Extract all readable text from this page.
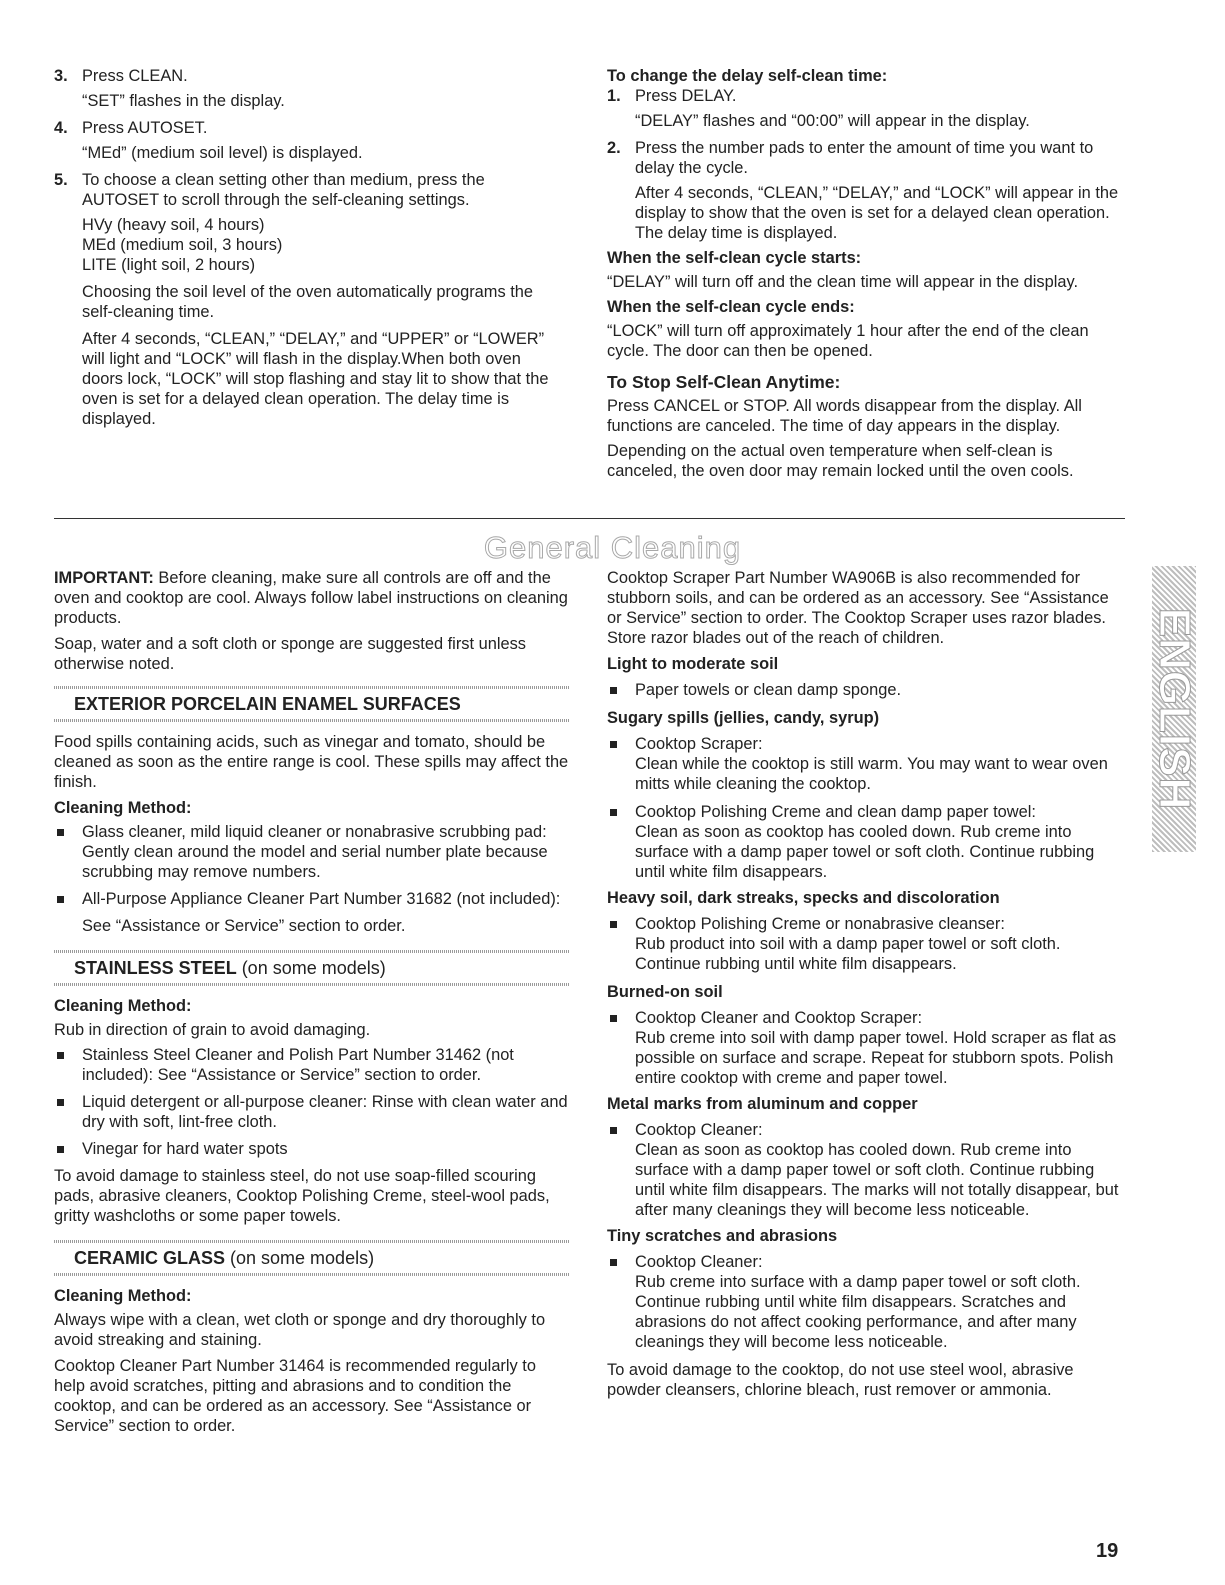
3. Press CLEAN.

“SET” flashes in the display.

4. Press AUTOSET.

“MEd” (medium soil level) is displayed.

5. To choose a clean setting other than medium, press the AUTOSET to scroll through the self-cleaning settings.

HVy (heavy soil, 4 hours)

MEd (medium soil, 3 hours)

LITE (light soil, 2 hours)

Choosing the soil level of the oven automatically programs the self-cleaning time.

After 4 seconds, “CLEAN,” “DELAY,” and “UPPER” or “LOWER” will light and “LOCK” will flash in the display.When both oven doors lock, “LOCK” will stop flashing and stay lit to show that the oven is set for a delayed clean operation. The delay time is displayed.

To change the delay self-clean time:

1. Press DELAY.

“DELAY” flashes and “00:00” will appear in the display.

2. Press the number pads to enter the amount of time you want to delay the cycle.

After 4 seconds, “CLEAN,” “DELAY,” and “LOCK” will appear in the display to show that the oven is set for a delayed clean operation. The delay time is displayed.

When the self-clean cycle starts:

“DELAY” will turn off and the clean time will appear in the display.

When the self-clean cycle ends:

“LOCK” will turn off approximately 1 hour after the end of the clean cycle. The door can then be opened.

To Stop Self-Clean Anytime:

Press CANCEL or STOP. All words disappear from the display. All functions are canceled. The time of day appears in the display.

Depending on the actual oven temperature when self-clean is canceled, the oven door may remain locked until the oven cools.

General Cleaning

IMPORTANT: Before cleaning, make sure all controls are off and the oven and cooktop are cool. Always follow label instructions on cleaning products.

Soap, water and a soft cloth or sponge are suggested first unless otherwise noted.

EXTERIOR PORCELAIN ENAMEL SURFACES

Food spills containing acids, such as vinegar and tomato, should be cleaned as soon as the entire range is cool. These spills may affect the finish.

Cleaning Method:

Glass cleaner, mild liquid cleaner or nonabrasive scrubbing pad: Gently clean around the model and serial number plate because scrubbing may remove numbers.

All-Purpose Appliance Cleaner Part Number 31682 (not included):

See “Assistance or Service” section to order.

STAINLESS STEEL (on some models)

Cleaning Method:

Rub in direction of grain to avoid damaging.

Stainless Steel Cleaner and Polish Part Number 31462 (not included): See “Assistance or Service” section to order.

Liquid detergent or all-purpose cleaner: Rinse with clean water and dry with soft, lint-free cloth.

Vinegar for hard water spots

To avoid damage to stainless steel, do not use soap-filled scouring pads, abrasive cleaners, Cooktop Polishing Creme, steel-wool pads, gritty washcloths or some paper towels.

CERAMIC GLASS (on some models)

Cleaning Method:

Always wipe with a clean, wet cloth or sponge and dry thoroughly to avoid streaking and staining.

Cooktop Cleaner Part Number 31464 is recommended regularly to help avoid scratches, pitting and abrasions and to condition the cooktop, and can be ordered as an accessory. See “Assistance or Service” section to order.

Cooktop Scraper Part Number WA906B is also recommended for stubborn soils, and can be ordered as an accessory. See “Assistance or Service” section to order. The Cooktop Scraper uses razor blades. Store razor blades out of the reach of children.

Light to moderate soil

Paper towels or clean damp sponge.

Sugary spills (jellies, candy, syrup)

Cooktop Scraper:

Clean while the cooktop is still warm. You may want to wear oven mitts while cleaning the cooktop.

Cooktop Polishing Creme and clean damp paper towel:

Clean as soon as cooktop has cooled down. Rub creme into surface with a damp paper towel or soft cloth. Continue rubbing until white film disappears.

Heavy soil, dark streaks, specks and discoloration

Cooktop Polishing Creme or nonabrasive cleanser:

Rub product into soil with a damp paper towel or soft cloth. Continue rubbing until white film disappears.

Burned-on soil

Cooktop Cleaner and Cooktop Scraper:

Rub creme into soil with damp paper towel. Hold scraper as flat as possible on surface and scrape. Repeat for stubborn spots. Polish entire cooktop with creme and paper towel.

Metal marks from aluminum and copper

Cooktop Cleaner:

Clean as soon as cooktop has cooled down. Rub creme into surface with a damp paper towel or soft cloth. Continue rubbing until white film disappears. The marks will not totally disappear, but after many cleanings they will become less noticeable.

Tiny scratches and abrasions

Cooktop Cleaner:

Rub creme into surface with a damp paper towel or soft cloth. Continue rubbing until white film disappears. Scratches and abrasions do not affect cooking performance, and after many cleanings they will become less noticeable.

To avoid damage to the cooktop, do not use steel wool, abrasive powder cleansers, chlorine bleach, rust remover or ammonia.

ENGLISH
19
